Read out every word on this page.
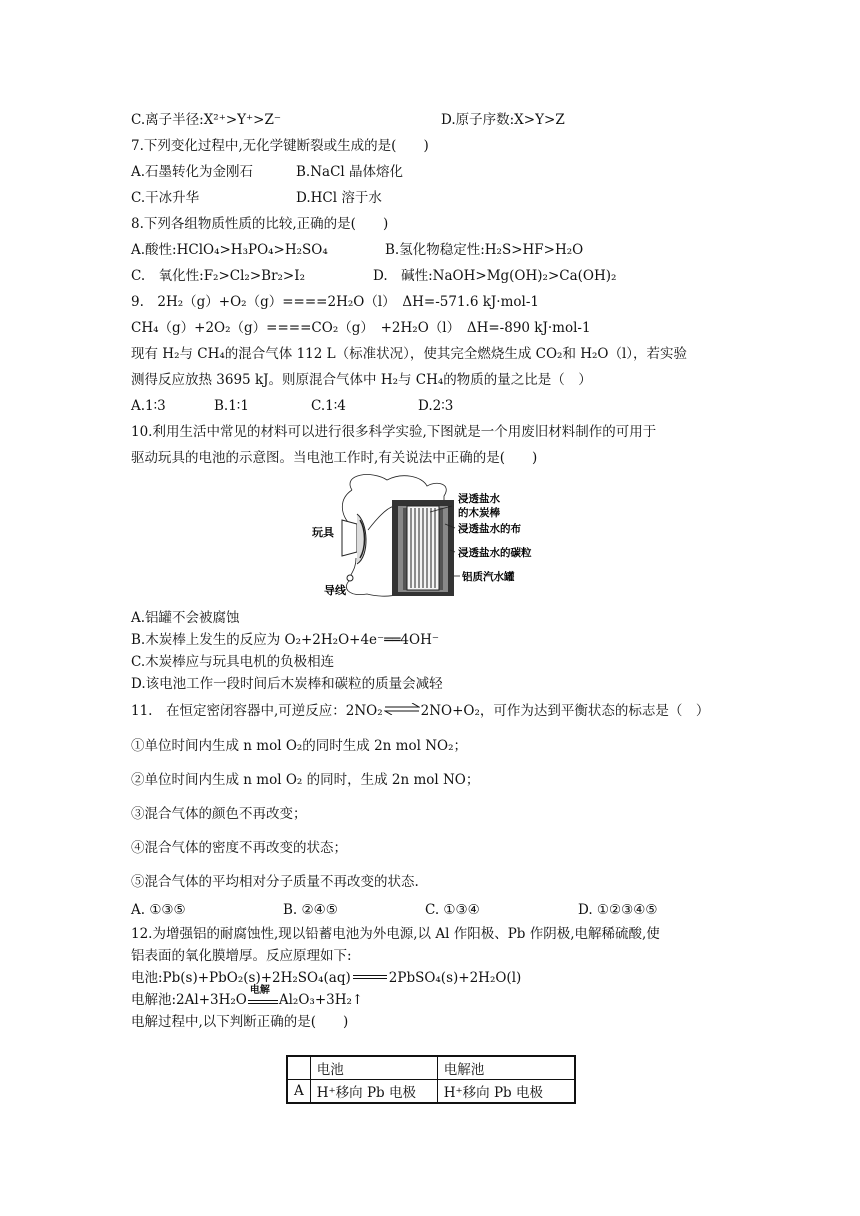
C.离子半径:X²⁺>Y⁺>Z⁻	D.原子序数:X>Y>Z
7.下列变化过程中,无化学键断裂或生成的是(　　)
A.石墨转化为金刚石	B.NaCl 晶体熔化
C.干冰升华	D.HCl 溶于水
8.下列各组物质性质的比较,正确的是(　　)
A.酸性:HClO₄>H₃PO₄>H₂SO₄	B.氢化物稳定性:H₂S>HF>H₂O
C.　氧化性:F₂>Cl₂>Br₂>I₂	D.　碱性:NaOH>Mg(OH)₂>Ca(OH)₂
9.　2H₂（g）+O₂（g）====2H₂O（l）　ΔH=-571.6 kJ·mol-1
CH₄（g）+2O₂（g）====CO₂（g）　+2H₂O（l）　ΔH=-890 kJ·mol-1
现有 H₂与 CH₄的混合气体 112 L（标准状况），使其完全燃烧生成 CO₂和 H₂O（l），若实验
测得反应放热 3695 kJ。则原混合气体中 H₂与 CH₄的物质的量之比是（　）
A.1∶3	B.1∶1	C.1∶4	D.2∶3
10.利用生活中常见的材料可以进行很多科学实验,下图就是一个用废旧材料制作的可用于
驱动玩具的电池的示意图。当电池工作时,有关说法中正确的是(　　)
玩具
导线
浸透盐水
的木炭棒
浸透盐水的布
浸透盐水的碳粒
铝质汽水罐
A.铝罐不会被腐蚀
B.木炭棒上发生的反应为 O₂+2H₂O+4e⁻══4OH⁻
C.木炭棒应与玩具电机的负极相连
D.该电池工作一段时间后木炭棒和碳粒的质量会减轻
11.　在恒定密闭容器中,可逆反应：2NO₂⇌2NO+O₂，可作为达到平衡状态的标志是（　）
①单位时间内生成 n mol O₂的同时生成 2n mol NO₂；
②单位时间内生成 n mol O₂ 的同时，生成 2n mol NO；
③混合气体的颜色不再改变；
④混合气体的密度不再改变的状态；
⑤混合气体的平均相对分子质量不再改变的状态.
A. ①③⑤	B. ②④⑤	C. ①③④	D. ①②③④⑤
12.为增强铝的耐腐蚀性,现以铅蓄电池为外电源,以 Al 作阳极、Pb 作阴极,电解稀硫酸,使
铝表面的氧化膜增厚。反应原理如下:
电池:Pb(s)+PbO₂(s)+2H₂SO₄(aq)	2PbSO₄(s)+2H₂O(l)
电解池:2Al+3H₂O
电解
Al₂O₃+3H₂↑
电解过程中,以下判断正确的是(　　)
	电池	电解池
A	H⁺移向 Pb 电极	H⁺移向 Pb 电极
